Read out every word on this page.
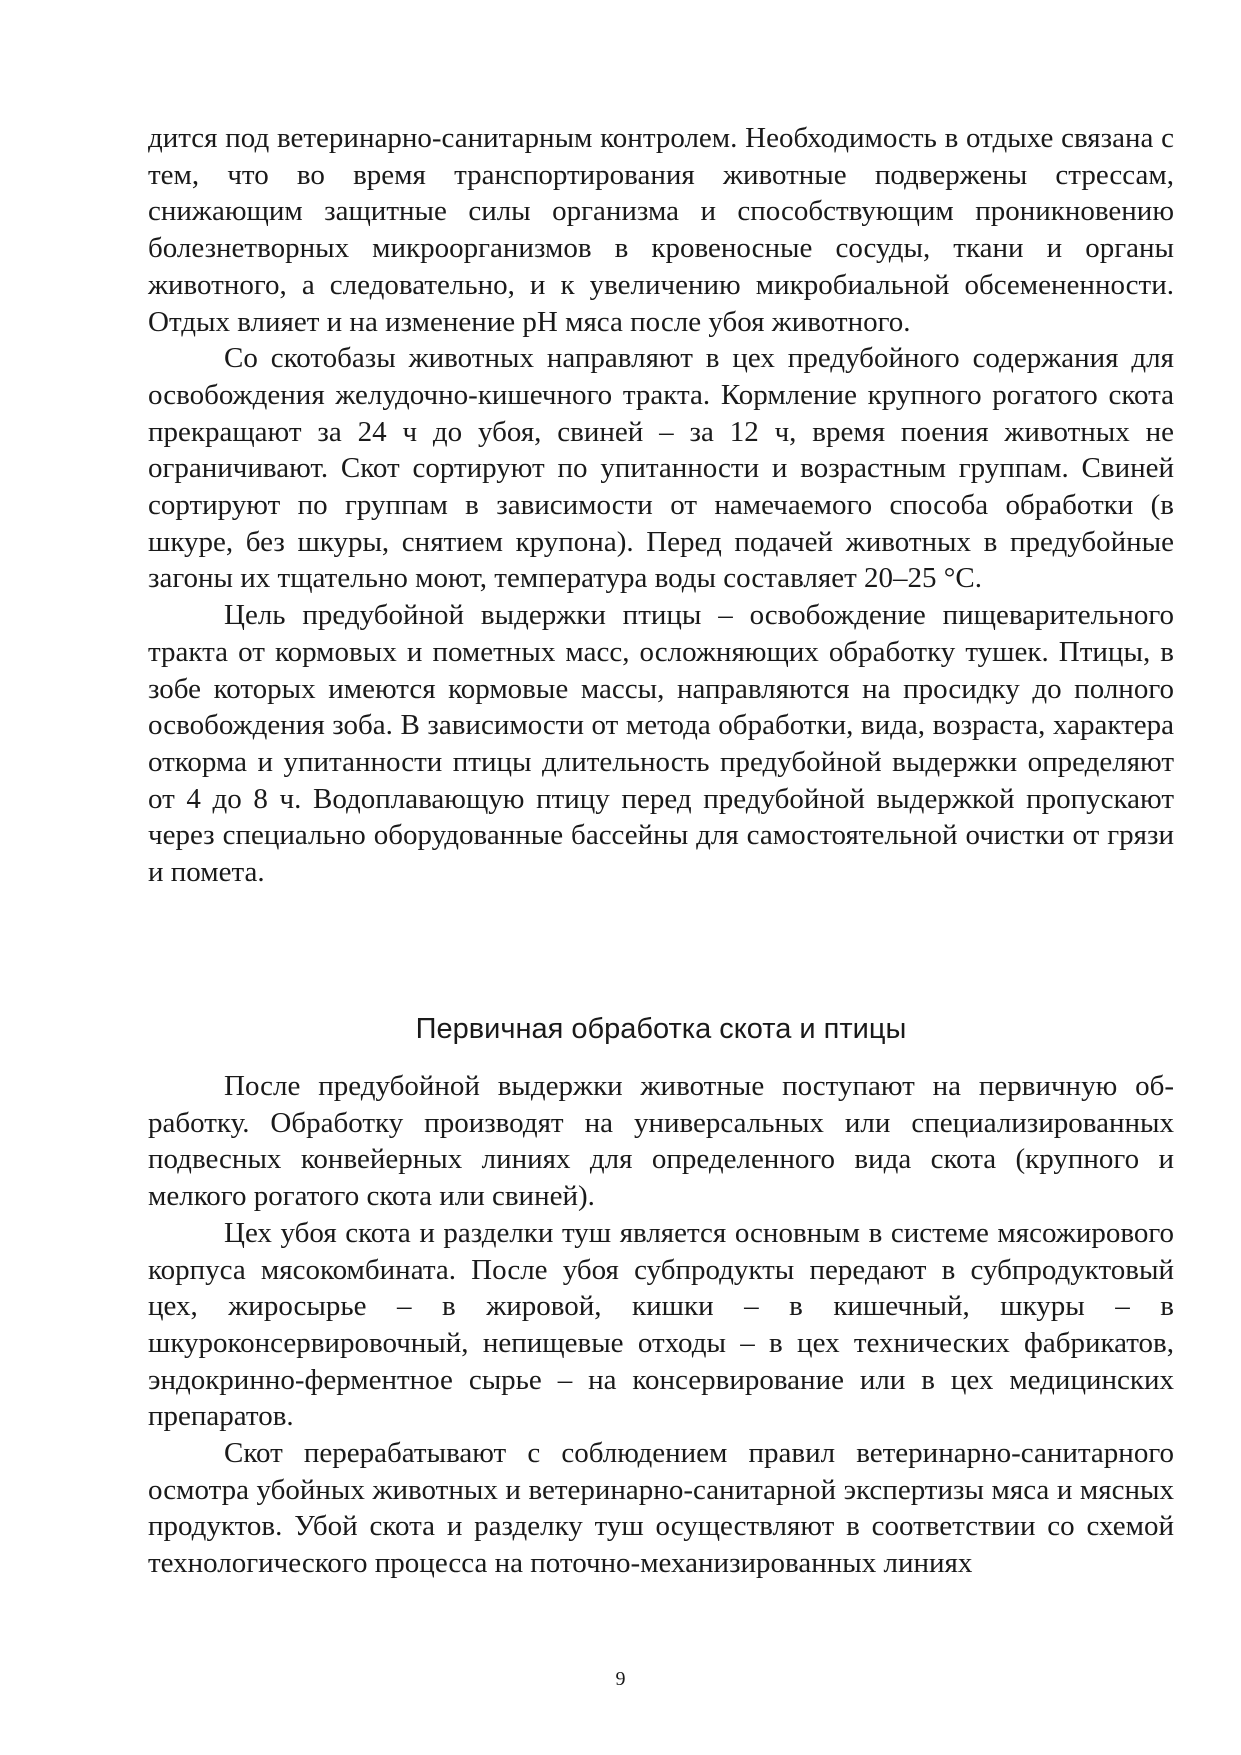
дится под ветеринарно-санитарным контролем. Необходимость в отдыхе связана с тем, что во время транспортирования животные подвержены стрессам, снижающим защитные силы организма и способствующим проникновению болезнетворных микроорганизмов в кровеносные сосуды, ткани и органы животного, а следовательно, и к увеличению микробиальной обсемененности. Отдых влияет и на изменение pH мяса после убоя животного.

Со скотобазы животных направляют в цех предубойного содержания для освобождения желудочно-кишечного тракта. Кормление крупного рогатого скота прекращают за 24 ч до убоя, свиней – за 12 ч, время поения животных не ограничивают. Скот сортируют по упитанности и возрастным группам. Свиней сортируют по группам в зависимости от намечаемого способа обработки (в шкуре, без шкуры, снятием крупона). Перед подачей животных в предубойные загоны их тщательно моют, температура воды составляет 20–25 °С.

Цель предубойной выдержки птицы – освобождение пищеварительного тракта от кормовых и пометных масс, осложняющих обработку тушек. Птицы, в зобе которых имеются кормовые массы, направляются на просидку до полного освобождения зоба. В зависимости от метода обработки, вида, возраста, характера откорма и упитанности птицы длительность предубойной выдержки определяют от 4 до 8 ч. Водоплавающую птицу перед предубойной выдержкой пропускают через специально оборудованные бассейны для самостоятельной очистки от грязи и помета.

Первичная обработка скота и птицы

После предубойной выдержки животные поступают на первичную обработку. Обработку производят на универсальных или специализированных подвесных конвейерных линиях для определенного вида скота (крупного и мелкого рогатого скота или свиней).

Цех убоя скота и разделки туш является основным в системе мясожирового корпуса мясокомбината. После убоя субпродукты передают в субпродуктовый цех, жиросырье – в жировой, кишки – в кишечный, шкуры – в шкуроконсервировочный, непищевые отходы – в цех технических фабрикатов, эндокринно-ферментное сырье – на консервирование или в цех медицинских препаратов.

Скот перерабатывают с соблюдением правил ветеринарно-санитарного осмотра убойных животных и ветеринарно-санитарной экспертизы мяса и мясных продуктов. Убой скота и разделку туш осуществляют в соответствии со схемой технологического процесса на поточно-механизированных линиях

9
